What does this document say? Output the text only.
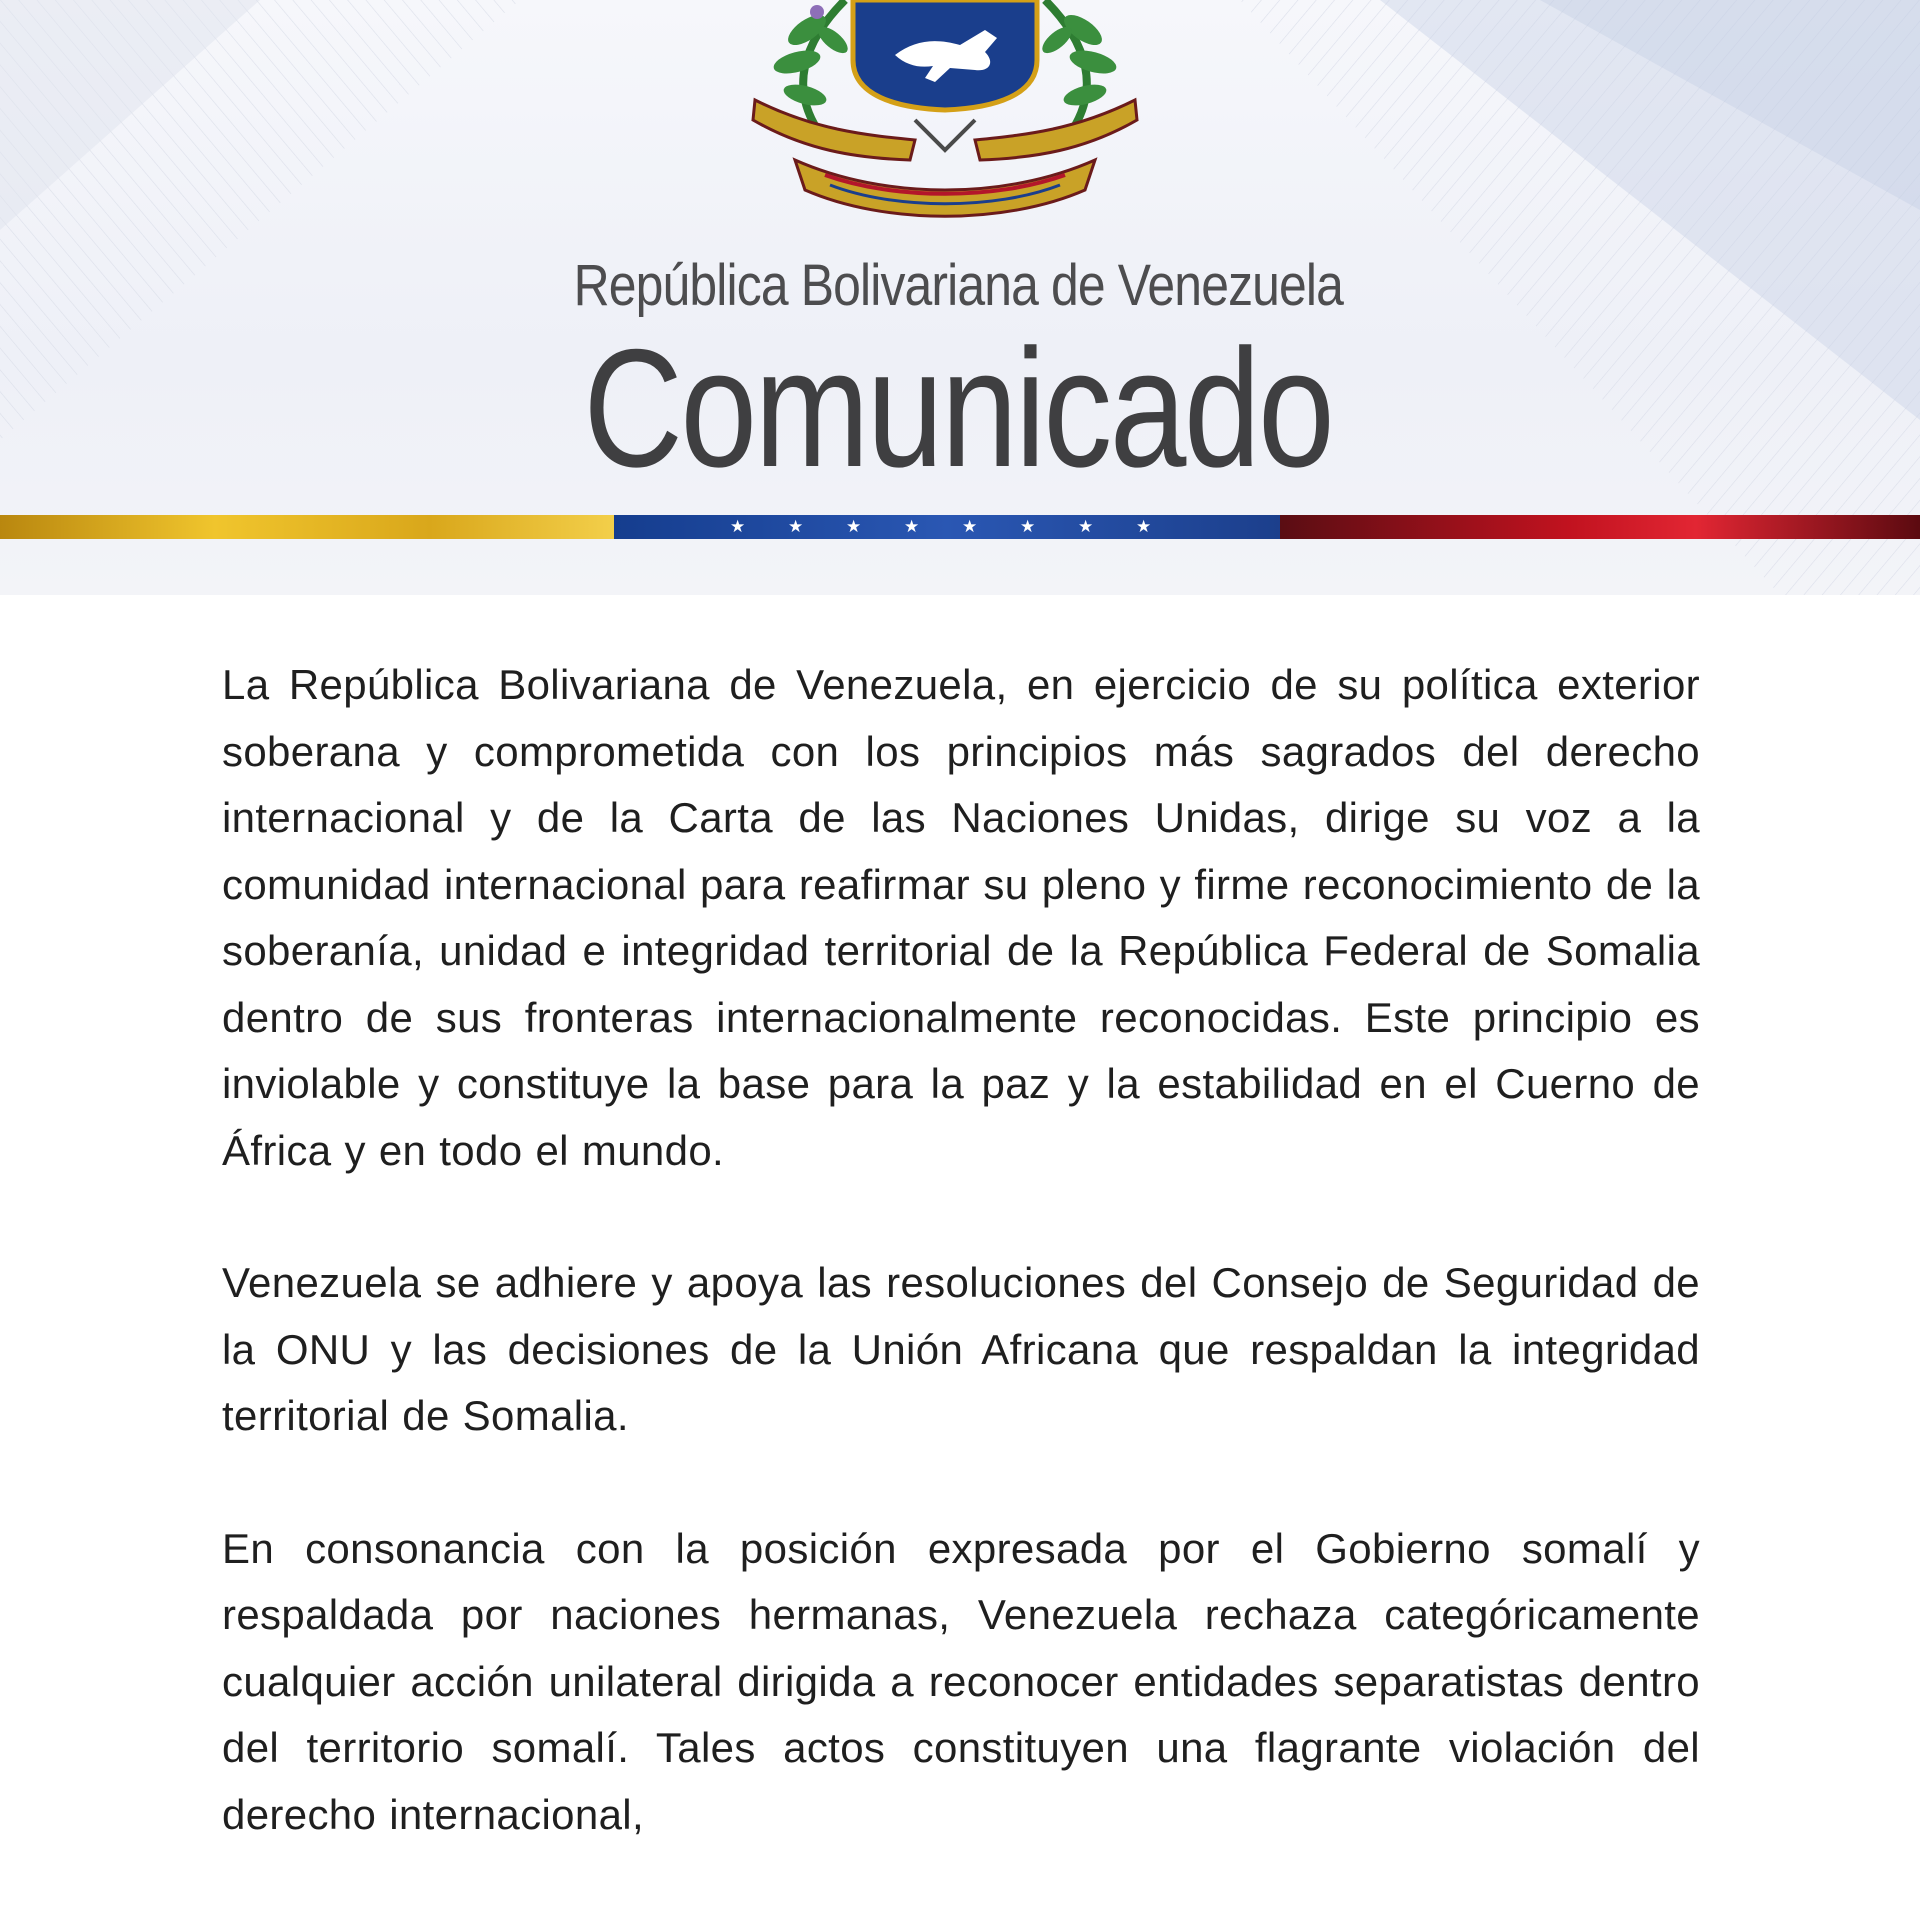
República Bolivariana de Venezuela
Comunicado
★	★	★	★	★	★	★	★

La República Bolivariana de Venezuela, en ejercicio de su política exterior soberana y comprometida con los principios más sagrados del derecho internacional y de la Carta de las Naciones Unidas, dirige su voz a la comunidad internacional para reafirmar su pleno y firme reconocimiento de la soberanía, unidad e integridad territorial de la República Federal de Somalia dentro de sus fronteras internacionalmente reconocidas. Este principio es inviolable y constituye la base para la paz y la estabilidad en el Cuerno de África y en todo el mundo.

Venezuela se adhiere y apoya las resoluciones del Consejo de Seguridad de la ONU y las decisiones de la Unión Africana que respaldan la integridad territorial de Somalia.

En consonancia con la posición expresada por el Gobierno somalí y respaldada por naciones hermanas, Venezuela rechaza categóricamente cualquier acción unilateral dirigida a reconocer entidades separatistas dentro del territorio somalí. Tales actos constituyen una flagrante violación del derecho internacional,
